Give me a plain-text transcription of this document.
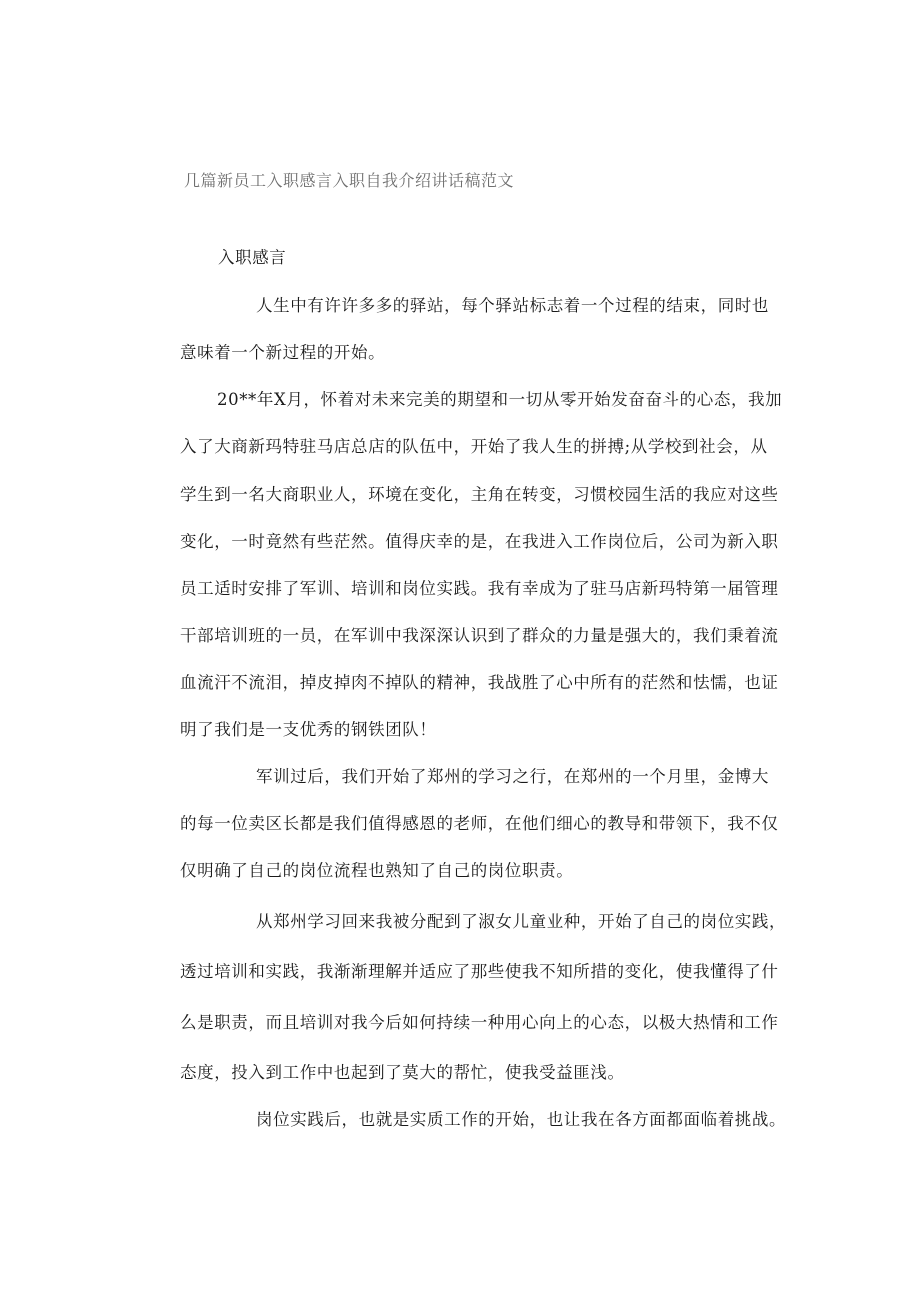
几篇新员工入职感言入职自我介绍讲话稿范文
入职感言
人生中有许许多多的驿站，每个驿站标志着一个过程的结束，同时也
意味着一个新过程的开始。
20**年X月，怀着对未来完美的期望和一切从零开始发奋奋斗的心态，我加
入了大商新玛特驻马店总店的队伍中，开始了我人生的拼搏;从学校到社会，从
学生到一名大商职业人，环境在变化，主角在转变，习惯校园生活的我应对这些
变化，一时竟然有些茫然。值得庆幸的是，在我进入工作岗位后，公司为新入职
员工适时安排了军训、培训和岗位实践。我有幸成为了驻马店新玛特第一届管理
干部培训班的一员，在军训中我深深认识到了群众的力量是强大的，我们秉着流
血流汗不流泪，掉皮掉肉不掉队的精神，我战胜了心中所有的茫然和怯懦，也证
明了我们是一支优秀的钢铁团队！
军训过后，我们开始了郑州的学习之行，在郑州的一个月里，金博大
的每一位卖区长都是我们值得感恩的老师，在他们细心的教导和带领下，我不仅
仅明确了自己的岗位流程也熟知了自己的岗位职责。
从郑州学习回来我被分配到了淑女儿童业种，开始了自己的岗位实践，
透过培训和实践，我渐渐理解并适应了那些使我不知所措的变化，使我懂得了什
么是职责，而且培训对我今后如何持续一种用心向上的心态，以极大热情和工作
态度，投入到工作中也起到了莫大的帮忙，使我受益匪浅。
岗位实践后，也就是实质工作的开始，也让我在各方面都面临着挑战。
